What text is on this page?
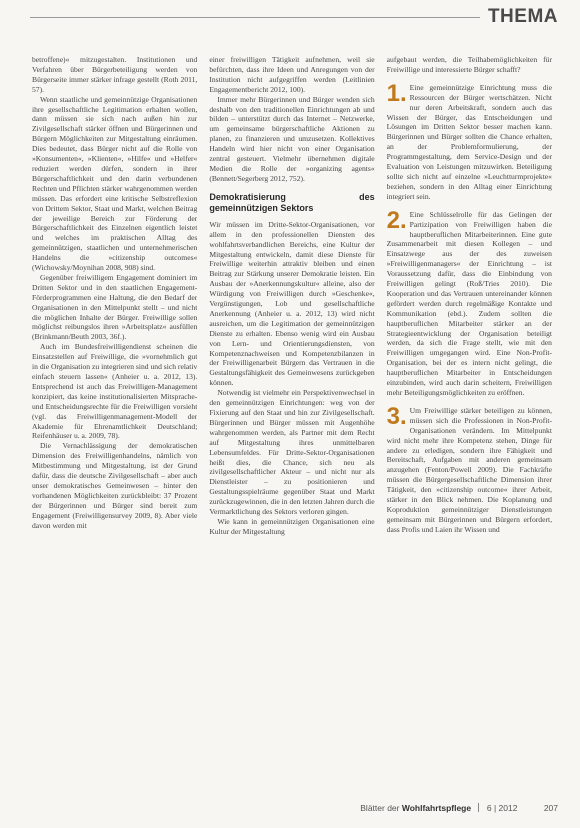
THEMA

betroffene)« mitzugestalten. Institutionen und Verfahren über Bürgerbeteiligung werden von Bürgerseite immer stärker infrage gestellt (Roth 2011, 57).

Wenn staatliche und gemeinnützige Organisationen ihre gesellschaftliche Legitimation erhalten wollen, dann müssen sie sich nach außen hin zur Zivilgesellschaft stärker öffnen und Bürgerinnen und Bürgern Möglichkeiten zur Mitgestaltung einräumen. Dies bedeutet, dass Bürger nicht auf die Rolle von »Konsumenten«, »Klienten«, »Hilfe« und »Helfer« reduziert werden dürfen, sondern in ihrer Bürgerschaftlichkeit und den darin verbundenen Rechten und Pflichten stärker wahrgenommen werden müssen. Das erfordert eine kritische Selbstreflexion von Drittem Sektor, Staat und Markt, welchen Beitrag der jeweilige Bereich zur Förderung der Bürgerschaftlichkeit des Einzelnen eigentlich leistet und welches im praktischen Alltag des gemeinnützigen, staatlichen und unternehmerischen Handelns die »citizenship outcomes« (Wichowsky/Moynihan 2008, 908) sind.

Gegenüber freiwilligem Engagement dominiert im Dritten Sektor und in den staatlichen Engagement-Förderprogrammen eine Haltung, die den Bedarf der Organisationen in den Mittelpunkt stellt – und nicht die möglichen Inhalte der Bürger. Freiwillige sollen möglichst reibungslos ihren »Arbeitsplatz« ausfüllen (Brinkmann/Beuth 2003, 36f.).

Auch im Bundesfreiwilligendienst scheinen die Einsatzstellen auf Freiwillige, die »vornehmlich gut in die Organisation zu integrieren sind und sich relativ einfach steuern lassen« (Anheier u. a. 2012, 13). Entsprechend ist auch das Freiwilligen-Management konzipiert, das keine institutionalisierten Mitsprache- und Entscheidungsrechte für die Freiwilligen vorsieht (vgl. das Freiwilligenmanagement-Modell der Akademie für Ehrenamtlichkeit Deutschland; Reifenhäuser u. a. 2009, 78).

Die Vernachlässigung der demokratischen Dimension des Freiwilligenhandelns, nämlich von Mitbestimmung und Mitgestaltung, ist der Grund dafür, dass die deutsche Zivilgesellschaft – aber auch unser demokratisches Gemeinwesen – hinter den vorhandenen Möglichkeiten zurückbleibt: 37 Prozent der Bürgerinnen und Bürger sind bereit zum Engagement (Freiwilligensurvey 2009, 8). Aber viele davon werden mit

einer freiwilligen Tätigkeit aufnehmen, weil sie befürchten, dass ihre Ideen und Anregungen von der Institution nicht aufgegriffen werden (Leitlinien Engagementbericht 2012, 100).

Immer mehr Bürgerinnen und Bürger wenden sich deshalb von den traditionellen Einrichtungen ab und bilden – unterstützt durch das Internet – Netzwerke, um gemeinsame bürgerschaftliche Aktionen zu planen, zu finanzieren und umzusetzen. Kollektives Handeln wird hier nicht von einer Organisation zentral gesteuert. Vielmehr übernehmen digitale Medien die Rolle der »organizing agents« (Bennett/Segerberg 2012, 752).

Demokratisierung des gemeinnützigen Sektors

Wir müssen im Dritte-Sektor-Organisationen, vor allem in den professionellen Diensten des wohlfahrtsverbandlichen Bereichs, eine Kultur der Mitgestaltung entwickeln, damit diese Dienste für Freiwillige weiterhin attraktiv bleiben und einen Beitrag zur Stärkung unserer Demokratie leisten. Ein Ausbau der »Anerkennungskultur« alleine, also der Würdigung von Freiwilligen durch »Geschenke«, Vergünstigungen, Lob und gesellschaftliche Anerkennung (Anheier u. a. 2012, 13) wird nicht ausreichen, um die Legitimation der gemeinnützigen Dienste zu erhalten. Ebenso wenig wird ein Ausbau von Lern- und Orientierungsdiensten, von Kompetenznachweisen und Kompetenzbilanzen in der Freiwilligenarbeit Bürgern das Vertrauen in die Gestaltungsfähigkeit des Gemeinwesens zurückgeben können.

Notwendig ist vielmehr ein Perspektivenwechsel in den gemeinnützigen Einrichtungen: weg von der Fixierung auf den Staat und hin zur Zivilgesellschaft. Bürgerinnen und Bürger müssen mit Augenhöhe wahrgenommen werden, als Partner mit dem Recht auf Mitgestaltung ihres unmittelbaren Lebensumfeldes. Für Dritte-Sektor-Organisationen heißt dies, die Chance, sich neu als zivilgesellschaftlicher Akteur – und nicht nur als Dienstleister – zu positionieren und Gestaltungsspielräume gegenüber Staat und Markt zurückzugewinnen, die in den letzten Jahren durch die Vermarktlichung des Sektors verloren gingen.

Wie kann in gemeinnützigen Organisationen eine Kultur der Mitgestaltung

aufgebaut werden, die Teilhabemöglichkeiten für Freiwillige und interessierte Bürger schafft?

1. Eine gemeinnützige Einrichtung muss die Ressourcen der Bürger wertschätzen. Nicht nur deren Arbeitskraft, sondern auch das Wissen der Bürger, das Entscheidungen und Lösungen im Dritten Sektor besser machen kann. Bürgerinnen und Bürger sollten die Chance erhalten, an der Problemformulierung, der Programmgestaltung, dem Service-Design und der Evaluation von Leistungen mitzuwirken. Beteiligung sollte sich nicht auf einzelne »Leuchtturmprojekte« beziehen, sondern in den Alltag einer Einrichtung integriert sein.

2. Eine Schlüsselrolle für das Gelingen der Partizipation von Freiwilligen haben die hauptberuflichen Mitarbeiterinnen. Eine gute Zusammenarbeit mit diesen Kollegen – und Einsatzwege aus der des zuweisen »Freiwilligenmanagers« der Einrichtung – ist Voraussetzung dafür, dass die Einbindung von Freiwilligen gelingt (Roß/Tries 2010). Die Kooperation und das Vertrauen untereinander können gefördert werden durch regelmäßige Kontakte und Kommunikation (ebd.). Zudem sollten die hauptberuflichen Mitarbeiter stärker an der Strategieentwicklung der Organisation beteiligt werden, da sich die Frage stellt, wie mit den Freiwilligen umgegangen wird. Eine Non-Profit-Organisation, bei der es intern nicht gelingt, die hauptberuflichen Mitarbeiter in Entscheidungen einzubinden, wird auch darin scheitern, Freiwilligen mehr Beteiligungsmöglichkeiten zu eröffnen.

3. Um Freiwillige stärker beteiligen zu können, müssen sich die Professionen in Non-Profit-Organisationen verändern. Im Mittelpunkt wird nicht mehr ihre Kompetenz stehen, Dinge für andere zu erledigen, sondern ihre Fähigkeit und Bereitschaft, Aufgaben mit anderen gemeinsam anzugehen (Fenton/Powell 2009). Die Fachkräfte müssen die Bürgergesellschaftliche Dimension ihrer Tätigkeit, den »citizenship outcome« ihrer Arbeit, stärker in den Blick nehmen. Die Koplanung und Koproduktion gemeinnütziger Dienstleistungen gemeinsam mit Bürgerinnen und Bürgern erfordert, dass Profis und Laien ihr Wissen und

Blätter der Wohlfahrtspflege 6 | 2012	207
